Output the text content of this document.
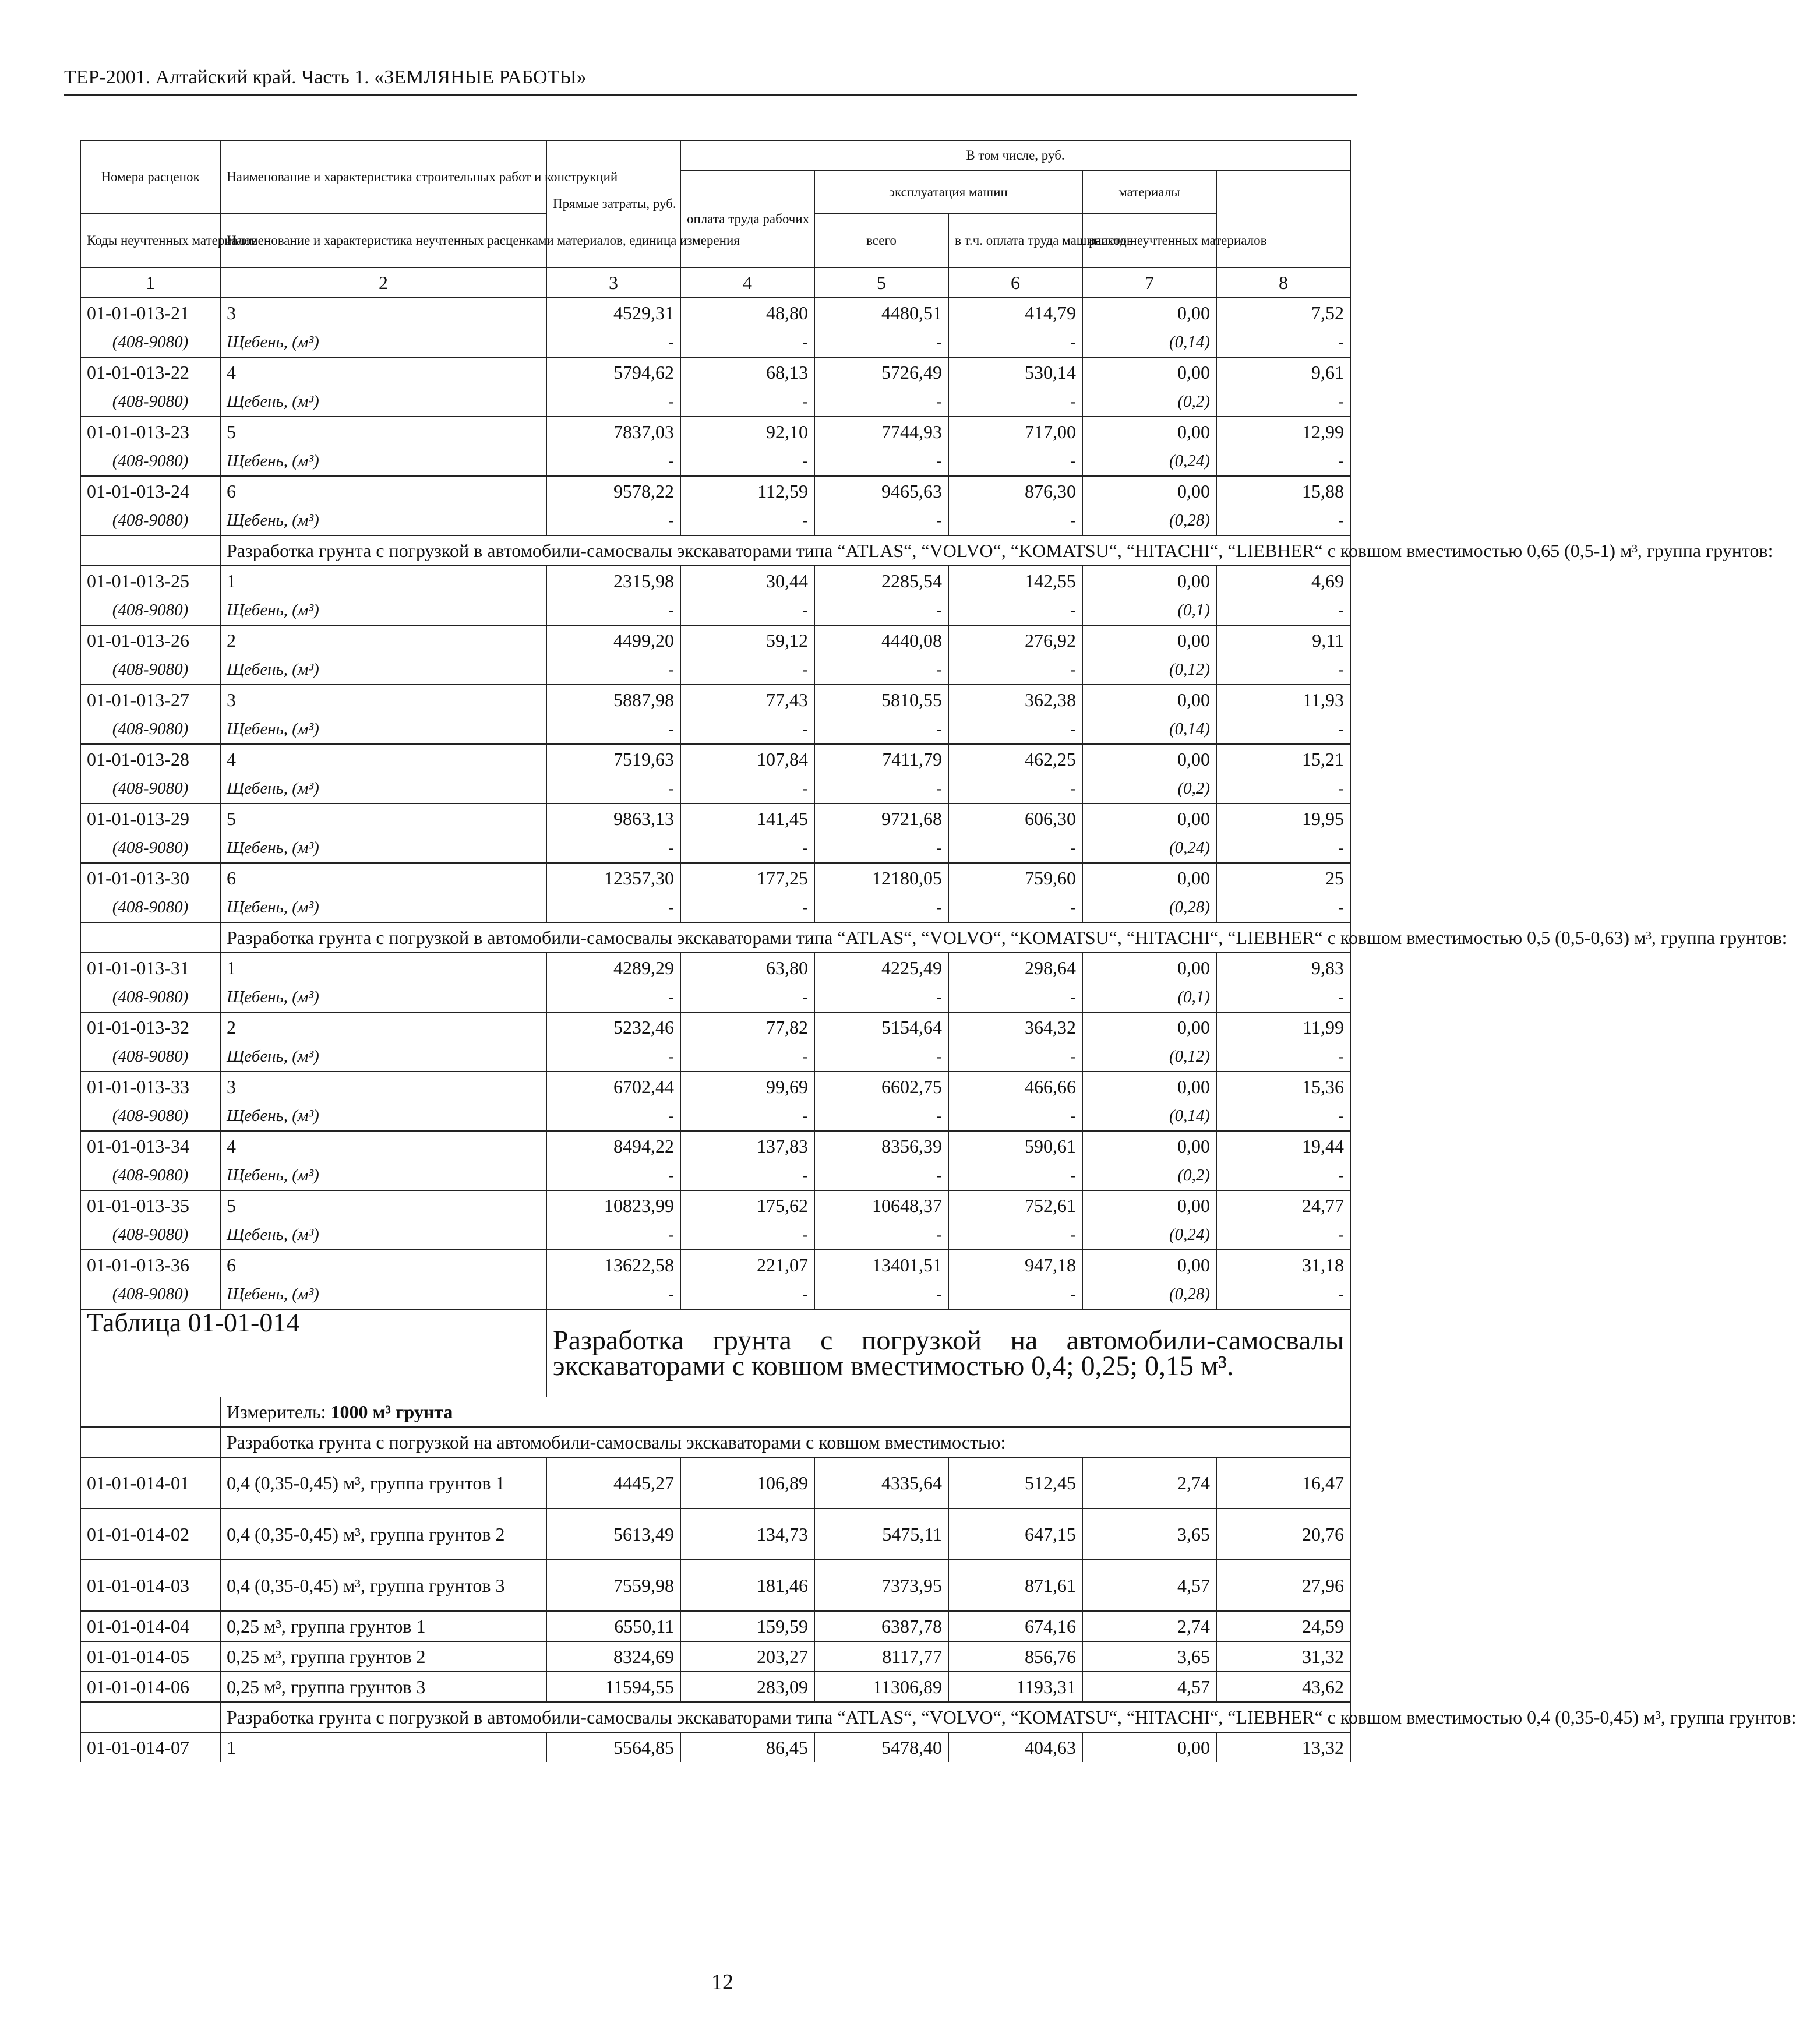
ТЕР-2001. Алтайский край. Часть 1. «ЗЕМЛЯНЫЕ РАБОТЫ»
Номера расценок	Наименование и характеристика строительных работ и конструкций	Прямые затраты, руб.	В том числе, руб.	
			оплата труда рабочих	эксплуатация машин		материалы		
Коды неучтенных материалов	Наименование и характеристика неучтенных расценками материалов, единица измерения			всего	в т.ч. оплата труда машинистов	расход неучтенных материалов		

1	2	3	4	5	6	7	8	
01-01-013-21	3	4529,31	48,80	4480,51	414,79	0,00	7,52	
(408-9080)	Щебень, (м³)	-	-	-	-	(0,14)	-	
01-01-013-22	4	5794,62	68,13	5726,49	530,14	0,00	9,61	
(408-9080)	Щебень, (м³)	-	-	-	-	(0,2)	-	
01-01-013-23	5	7837,03	92,10	7744,93	717,00	0,00	12,99	
(408-9080)	Щебень, (м³)	-	-	-	-	(0,24)	-	
01-01-013-24	6	9578,22	112,59	9465,63	876,30	0,00	15,88	
(408-9080)	Щебень, (м³)	-	-	-	-	(0,28)	-	
	Разработка грунта с погрузкой в автомобили-самосвалы экскаваторами типа “ATLAS“, “VOLVO“, “KOMATSU“, “HITACHI“, “LIEBHER“ с ковшом вместимостью 0,65 (0,5-1) м³, группа грунтов:							
01-01-013-25	1	2315,98	30,44	2285,54	142,55	0,00	4,69	
(408-9080)	Щебень, (м³)	-	-	-	-	(0,1)	-	
01-01-013-26	2	4499,20	59,12	4440,08	276,92	0,00	9,11	
(408-9080)	Щебень, (м³)	-	-	-	-	(0,12)	-	
01-01-013-27	3	5887,98	77,43	5810,55	362,38	0,00	11,93	
(408-9080)	Щебень, (м³)	-	-	-	-	(0,14)	-	
01-01-013-28	4	7519,63	107,84	7411,79	462,25	0,00	15,21	
(408-9080)	Щебень, (м³)	-	-	-	-	(0,2)	-	
01-01-013-29	5	9863,13	141,45	9721,68	606,30	0,00	19,95	
(408-9080)	Щебень, (м³)	-	-	-	-	(0,24)	-	
01-01-013-30	6	12357,30	177,25	12180,05	759,60	0,00	25	
(408-9080)	Щебень, (м³)	-	-	-	-	(0,28)	-	
	Разработка грунта с погрузкой в автомобили-самосвалы экскаваторами типа “ATLAS“, “VOLVO“, “KOMATSU“, “HITACHI“, “LIEBHER“ с ковшом вместимостью 0,5 (0,5-0,63) м³, группа грунтов:							
01-01-013-31	1	4289,29	63,80	4225,49	298,64	0,00	9,83	
(408-9080)	Щебень, (м³)	-	-	-	-	(0,1)	-	
01-01-013-32	2	5232,46	77,82	5154,64	364,32	0,00	11,99	
(408-9080)	Щебень, (м³)	-	-	-	-	(0,12)	-	
01-01-013-33	3	6702,44	99,69	6602,75	466,66	0,00	15,36	
(408-9080)	Щебень, (м³)	-	-	-	-	(0,14)	-	
01-01-013-34	4	8494,22	137,83	8356,39	590,61	0,00	19,44	
(408-9080)	Щебень, (м³)	-	-	-	-	(0,2)	-	
01-01-013-35	5	10823,99	175,62	10648,37	752,61	0,00	24,77	
(408-9080)	Щебень, (м³)	-	-	-	-	(0,24)	-	
01-01-013-36	6	13622,58	221,07	13401,51	947,18	0,00	31,18	
(408-9080)	Щебень, (м³)	-	-	-	-	(0,28)	-	
Таблица 01-01-014		Разработка грунта с погрузкой на автомобили-самосвалы экскаваторами с ковшом вместимостью 0,4; 0,25; 0,15 м³.						
	Измеритель: 1000 м³ грунта							
	Разработка грунта с погрузкой на автомобили-самосвалы экскаваторами с ковшом вместимостью:							
01-01-014-01	0,4 (0,35-0,45) м³, группа грунтов 1	4445,27	106,89	4335,64	512,45	2,74	16,47	
01-01-014-02	0,4 (0,35-0,45) м³, группа грунтов 2	5613,49	134,73	5475,11	647,15	3,65	20,76	
01-01-014-03	0,4 (0,35-0,45) м³, группа грунтов 3	7559,98	181,46	7373,95	871,61	4,57	27,96	
01-01-014-04	0,25 м³, группа грунтов 1	6550,11	159,59	6387,78	674,16	2,74	24,59	
01-01-014-05	0,25 м³, группа грунтов 2	8324,69	203,27	8117,77	856,76	3,65	31,32	
01-01-014-06	0,25 м³, группа грунтов 3	11594,55	283,09	11306,89	1193,31	4,57	43,62	
	Разработка грунта с погрузкой в автомобили-самосвалы экскаваторами типа “ATLAS“, “VOLVO“, “KOMATSU“, “HITACHI“, “LIEBHER“ с ковшом вместимостью 0,4 (0,35-0,45) м³, группа грунтов:							
01-01-014-07	1	5564,85	86,45	5478,40	404,63	0,00	13,32	
12
